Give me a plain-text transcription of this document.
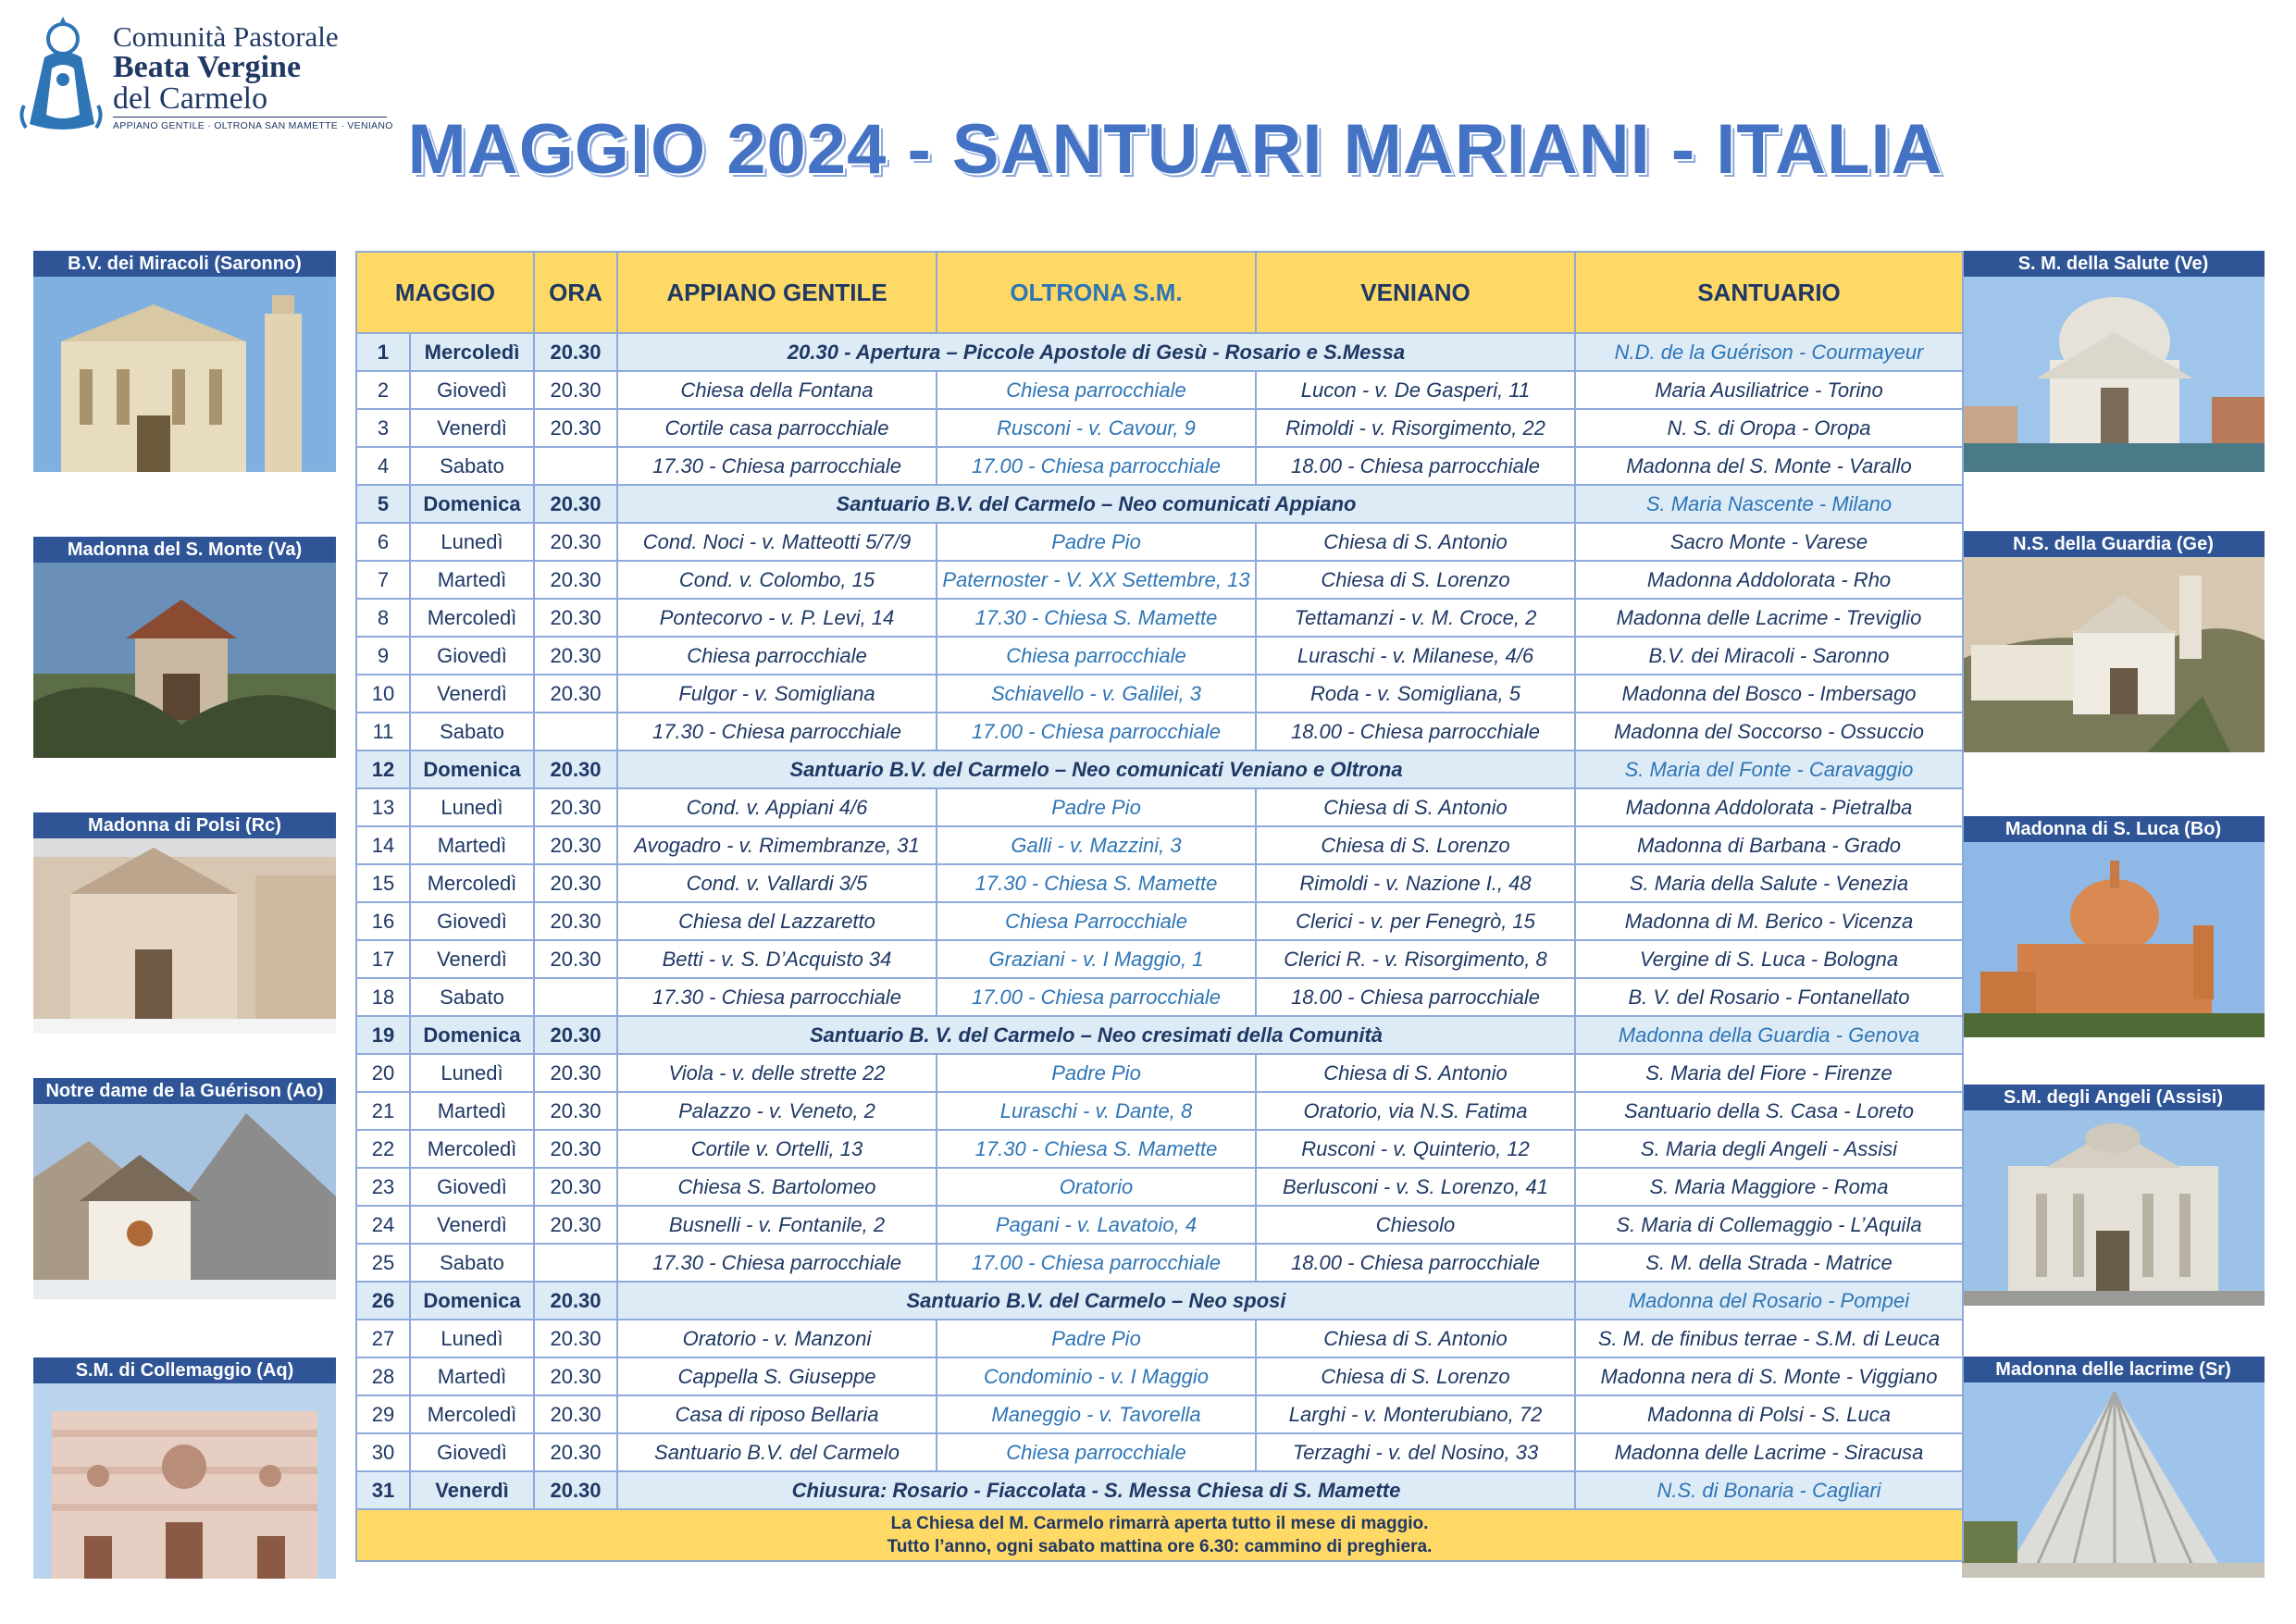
Comunità Pastorale
Beata Vergine
del Carmelo
APPIANO GENTILE · OLTRONA SAN MAMETTE · VENIANO MAGGIO 2024 - SANTUARI MARIANI - ITALIA
B.V. dei Miracoli (Saronno)
Madonna del S. Monte (Va)
Madonna di Polsi (Rc)
Notre dame de la Guérison (Ao)
S.M. di Collemaggio (Aq)
S. M. della Salute (Ve)
N.S. della Guardia (Ge)
Madonna di S. Luca (Bo)
S.M. degli Angeli (Assisi)
Madonna delle lacrime (Sr)
MAGGIO		ORA	APPIANO GENTILE	OLTRONA S.M.	VENIANO	SANTUARIO
1	Mercoledì	20.30	20.30 - Apertura – Piccole Apostole di Gesù - Rosario e S.Messa			N.D. de la Guérison - Courmayeur
2	Giovedì	20.30	Chiesa della Fontana	Chiesa parrocchiale	Lucon - v. De Gasperi, 11	Maria Ausiliatrice - Torino
3	Venerdì	20.30	Cortile casa parrocchiale	Rusconi - v. Cavour, 9	Rimoldi - v. Risorgimento, 22	N. S. di Oropa - Oropa
4	Sabato		17.30 - Chiesa parrocchiale	17.00 - Chiesa parrocchiale	18.00 - Chiesa parrocchiale	Madonna del S. Monte - Varallo
5	Domenica	20.30	Santuario B.V. del Carmelo – Neo comunicati Appiano			S. Maria Nascente - Milano
6	Lunedì	20.30	Cond. Noci - v. Matteotti 5/7/9	Padre Pio	Chiesa di S. Antonio	Sacro Monte - Varese
7	Martedì	20.30	Cond. v. Colombo, 15	Paternoster - V. XX Settembre, 13	Chiesa di S. Lorenzo	Madonna Addolorata - Rho
8	Mercoledì	20.30	Pontecorvo - v. P. Levi, 14	17.30 - Chiesa S. Mamette	Tettamanzi - v. M. Croce, 2	Madonna delle Lacrime - Treviglio
9	Giovedì	20.30	Chiesa parrocchiale	Chiesa parrocchiale	Luraschi - v. Milanese, 4/6	B.V. dei Miracoli - Saronno
10	Venerdì	20.30	Fulgor - v. Somigliana	Schiavello - v. Galilei, 3	Roda - v. Somigliana, 5	Madonna del Bosco - Imbersago
11	Sabato		17.30 - Chiesa parrocchiale	17.00 - Chiesa parrocchiale	18.00 - Chiesa parrocchiale	Madonna del Soccorso - Ossuccio
12	Domenica	20.30	Santuario B.V. del Carmelo – Neo comunicati Veniano e Oltrona			S. Maria del Fonte - Caravaggio
13	Lunedì	20.30	Cond. v. Appiani 4/6	Padre Pio	Chiesa di S. Antonio	Madonna Addolorata - Pietralba
14	Martedì	20.30	Avogadro - v. Rimembranze, 31	Galli - v. Mazzini, 3	Chiesa di S. Lorenzo	Madonna di Barbana - Grado
15	Mercoledì	20.30	Cond. v. Vallardi 3/5	17.30 - Chiesa S. Mamette	Rimoldi - v. Nazione I., 48	S. Maria della Salute - Venezia
16	Giovedì	20.30	Chiesa del Lazzaretto	Chiesa Parrocchiale	Clerici - v. per Fenegrò, 15	Madonna di M. Berico - Vicenza
17	Venerdì	20.30	Betti - v. S. D’Acquisto 34	Graziani - v. I Maggio, 1	Clerici R. - v. Risorgimento, 8	Vergine di S. Luca - Bologna
18	Sabato		17.30 - Chiesa parrocchiale	17.00 - Chiesa parrocchiale	18.00 - Chiesa parrocchiale	B. V. del Rosario - Fontanellato
19	Domenica	20.30	Santuario B. V. del Carmelo – Neo cresimati della Comunità			Madonna della Guardia - Genova
20	Lunedì	20.30	Viola - v. delle strette 22	Padre Pio	Chiesa di S. Antonio	S. Maria del Fiore - Firenze
21	Martedì	20.30	Palazzo - v. Veneto, 2	Luraschi - v. Dante, 8	Oratorio, via N.S. Fatima	Santuario della S. Casa - Loreto
22	Mercoledì	20.30	Cortile v. Ortelli, 13	17.30 - Chiesa S. Mamette	Rusconi - v. Quinterio, 12	S. Maria degli Angeli - Assisi
23	Giovedì	20.30	Chiesa S. Bartolomeo	Oratorio	Berlusconi - v. S. Lorenzo, 41	S. Maria Maggiore - Roma
24	Venerdì	20.30	Busnelli - v. Fontanile, 2	Pagani - v. Lavatoio, 4	Chiesolo	S. Maria di Collemaggio - L’Aquila
25	Sabato		17.30 - Chiesa parrocchiale	17.00 - Chiesa parrocchiale	18.00 - Chiesa parrocchiale	S. M. della Strada - Matrice
26	Domenica	20.30	Santuario B.V. del Carmelo – Neo sposi			Madonna del Rosario - Pompei
27	Lunedì	20.30	Oratorio - v. Manzoni	Padre Pio	Chiesa di S. Antonio	S. M. de finibus terrae - S.M. di Leuca
28	Martedì	20.30	Cappella S. Giuseppe	Condominio - v. I Maggio	Chiesa di S. Lorenzo	Madonna nera di S. Monte - Viggiano
29	Mercoledì	20.30	Casa di riposo Bellaria	Maneggio - v. Tavorella	Larghi - v. Monterubiano, 72	Madonna di Polsi - S. Luca
30	Giovedì	20.30	Santuario B.V. del Carmelo	Chiesa parrocchiale	Terzaghi - v. del Nosino, 33	Madonna delle Lacrime - Siracusa
31	Venerdì	20.30	Chiusura: Rosario - Fiaccolata - S. Messa Chiesa di S. Mamette			N.S. di Bonaria - Cagliari

La Chiesa del M. Carmelo rimarrà aperta tutto il mese di maggio.
Tutto l’anno, ogni sabato mattina ore 6.30: cammino di preghiera.						
